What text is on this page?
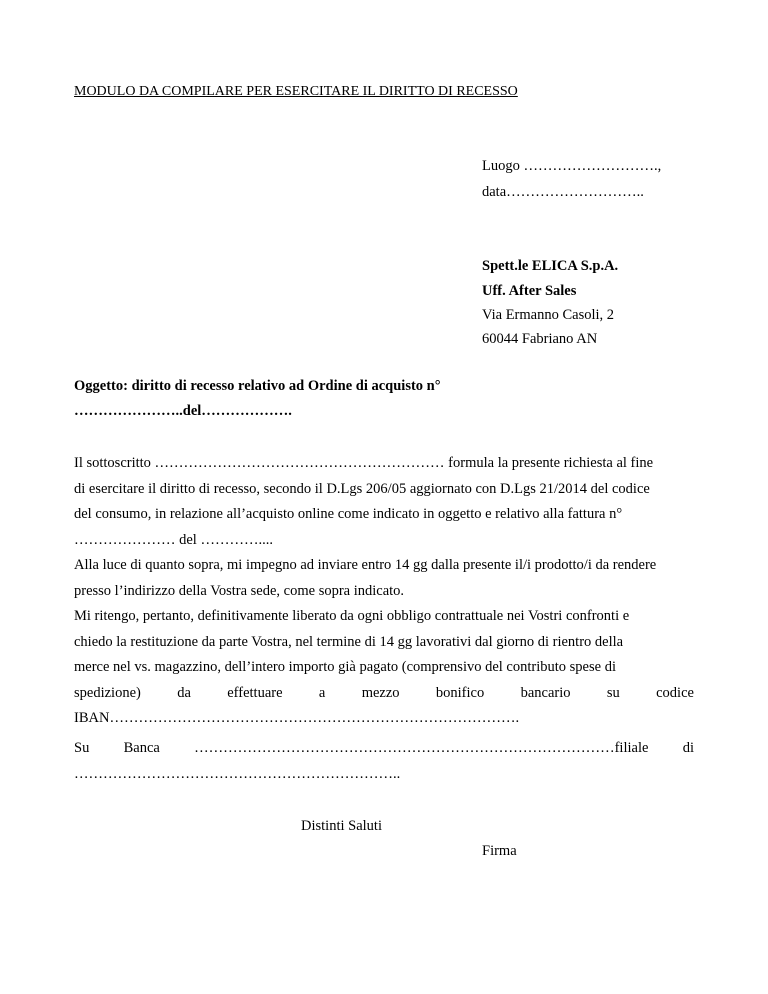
MODULO DA COMPILARE PER ESERCITARE IL DIRITTO DI RECESSO
Luogo ……………………….,
data………………………..
Spett.le ELICA S.p.A.
Uff. After Sales
Via Ermanno Casoli, 2
60044 Fabriano AN
Oggetto: diritto di recesso relativo ad Ordine di acquisto n°
…………………..del……………….
Il sottoscritto …………………………………………………… formula la presente richiesta al fine
di esercitare il diritto di recesso, secondo il D.Lgs 206/05 aggiornato con D.Lgs 21/2014 del codice
del consumo, in relazione all’acquisto online come indicato in oggetto e relativo alla fattura n°
………………… del …………....
Alla luce di quanto sopra, mi impegno ad inviare entro 14 gg dalla presente il/i prodotto/i da rendere
presso l’indirizzo della Vostra sede, come sopra indicato.
Mi ritengo, pertanto, definitivamente liberato da ogni obbligo contrattuale nei Vostri confronti e
chiedo la restituzione da parte Vostra, nel termine di 14 gg lavorativi dal giorno di rientro della
merce nel vs. magazzino, dell’intero importo già pagato (comprensivo del contributo spese di
spedizione)	da	effettuare	a	mezzo	bonifico	bancario	su	codice
IBAN………………………………………………………………………….
Su Banca ……………………………………………………………………………filiale di
…………………………………………………………..
Distinti Saluti
Firma
